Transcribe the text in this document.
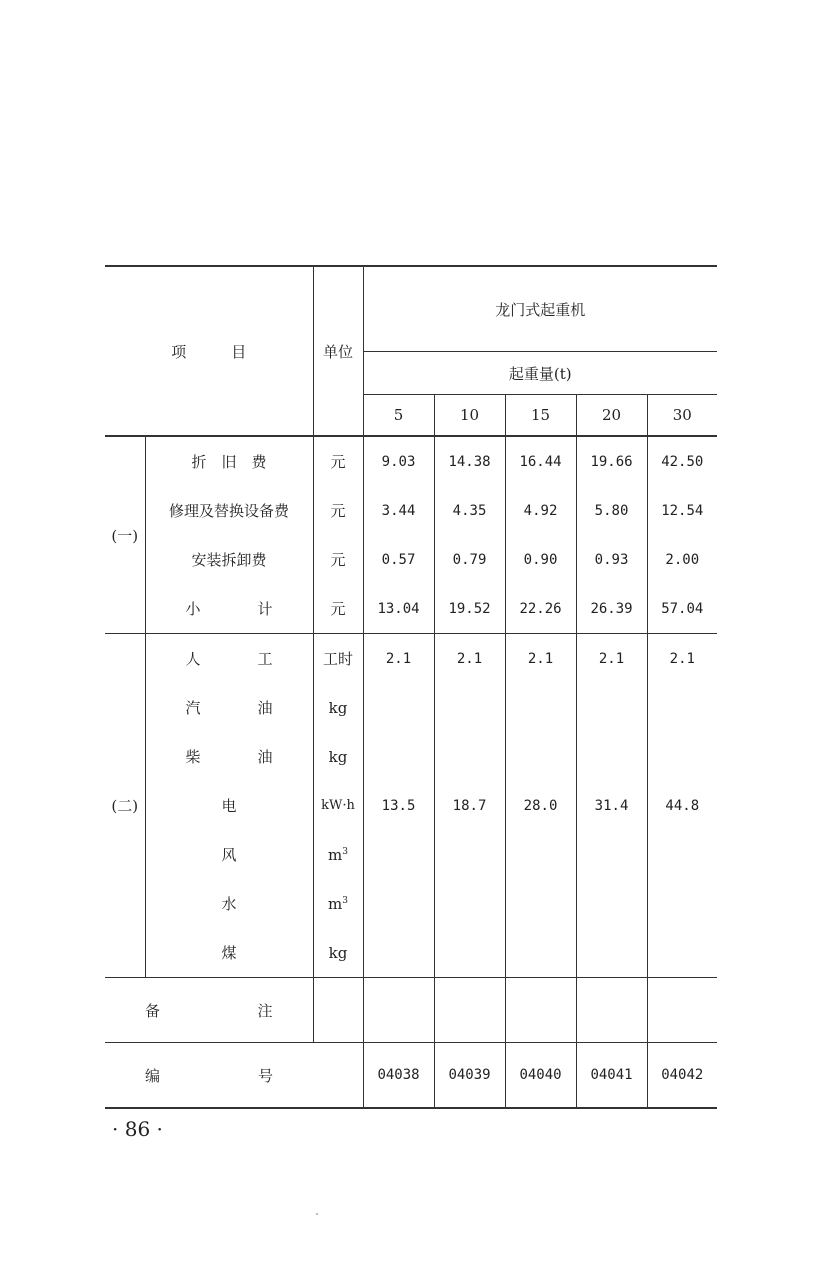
项　　　目		单位	龙门式起重机				
			起重量(t)				
			5	10	15	20	30
(一)	折　旧　费	元	9.03	14.38	16.44	19.66	42.50
	修理及替换设备费	元	3.44	4.35	4.92	5.80	12.54
	安装拆卸费	元	0.57	0.79	0.90	0.93	2.00

	小 计	元	13.04	19.52	22.26	26.39	57.04
(二)	人 工	工时	2.1	2.1	2.1	2.1	2.1

	汽 油	kg					

	柴 油	kg					
	电	kW·h	13.5	18.7	28.0	31.4	44.8
	风	$m^3$					
	水	$m^3$					
	煤	kg					

备 注							

编 号			04038	04039	04040	04041	04042
· 86 ·
